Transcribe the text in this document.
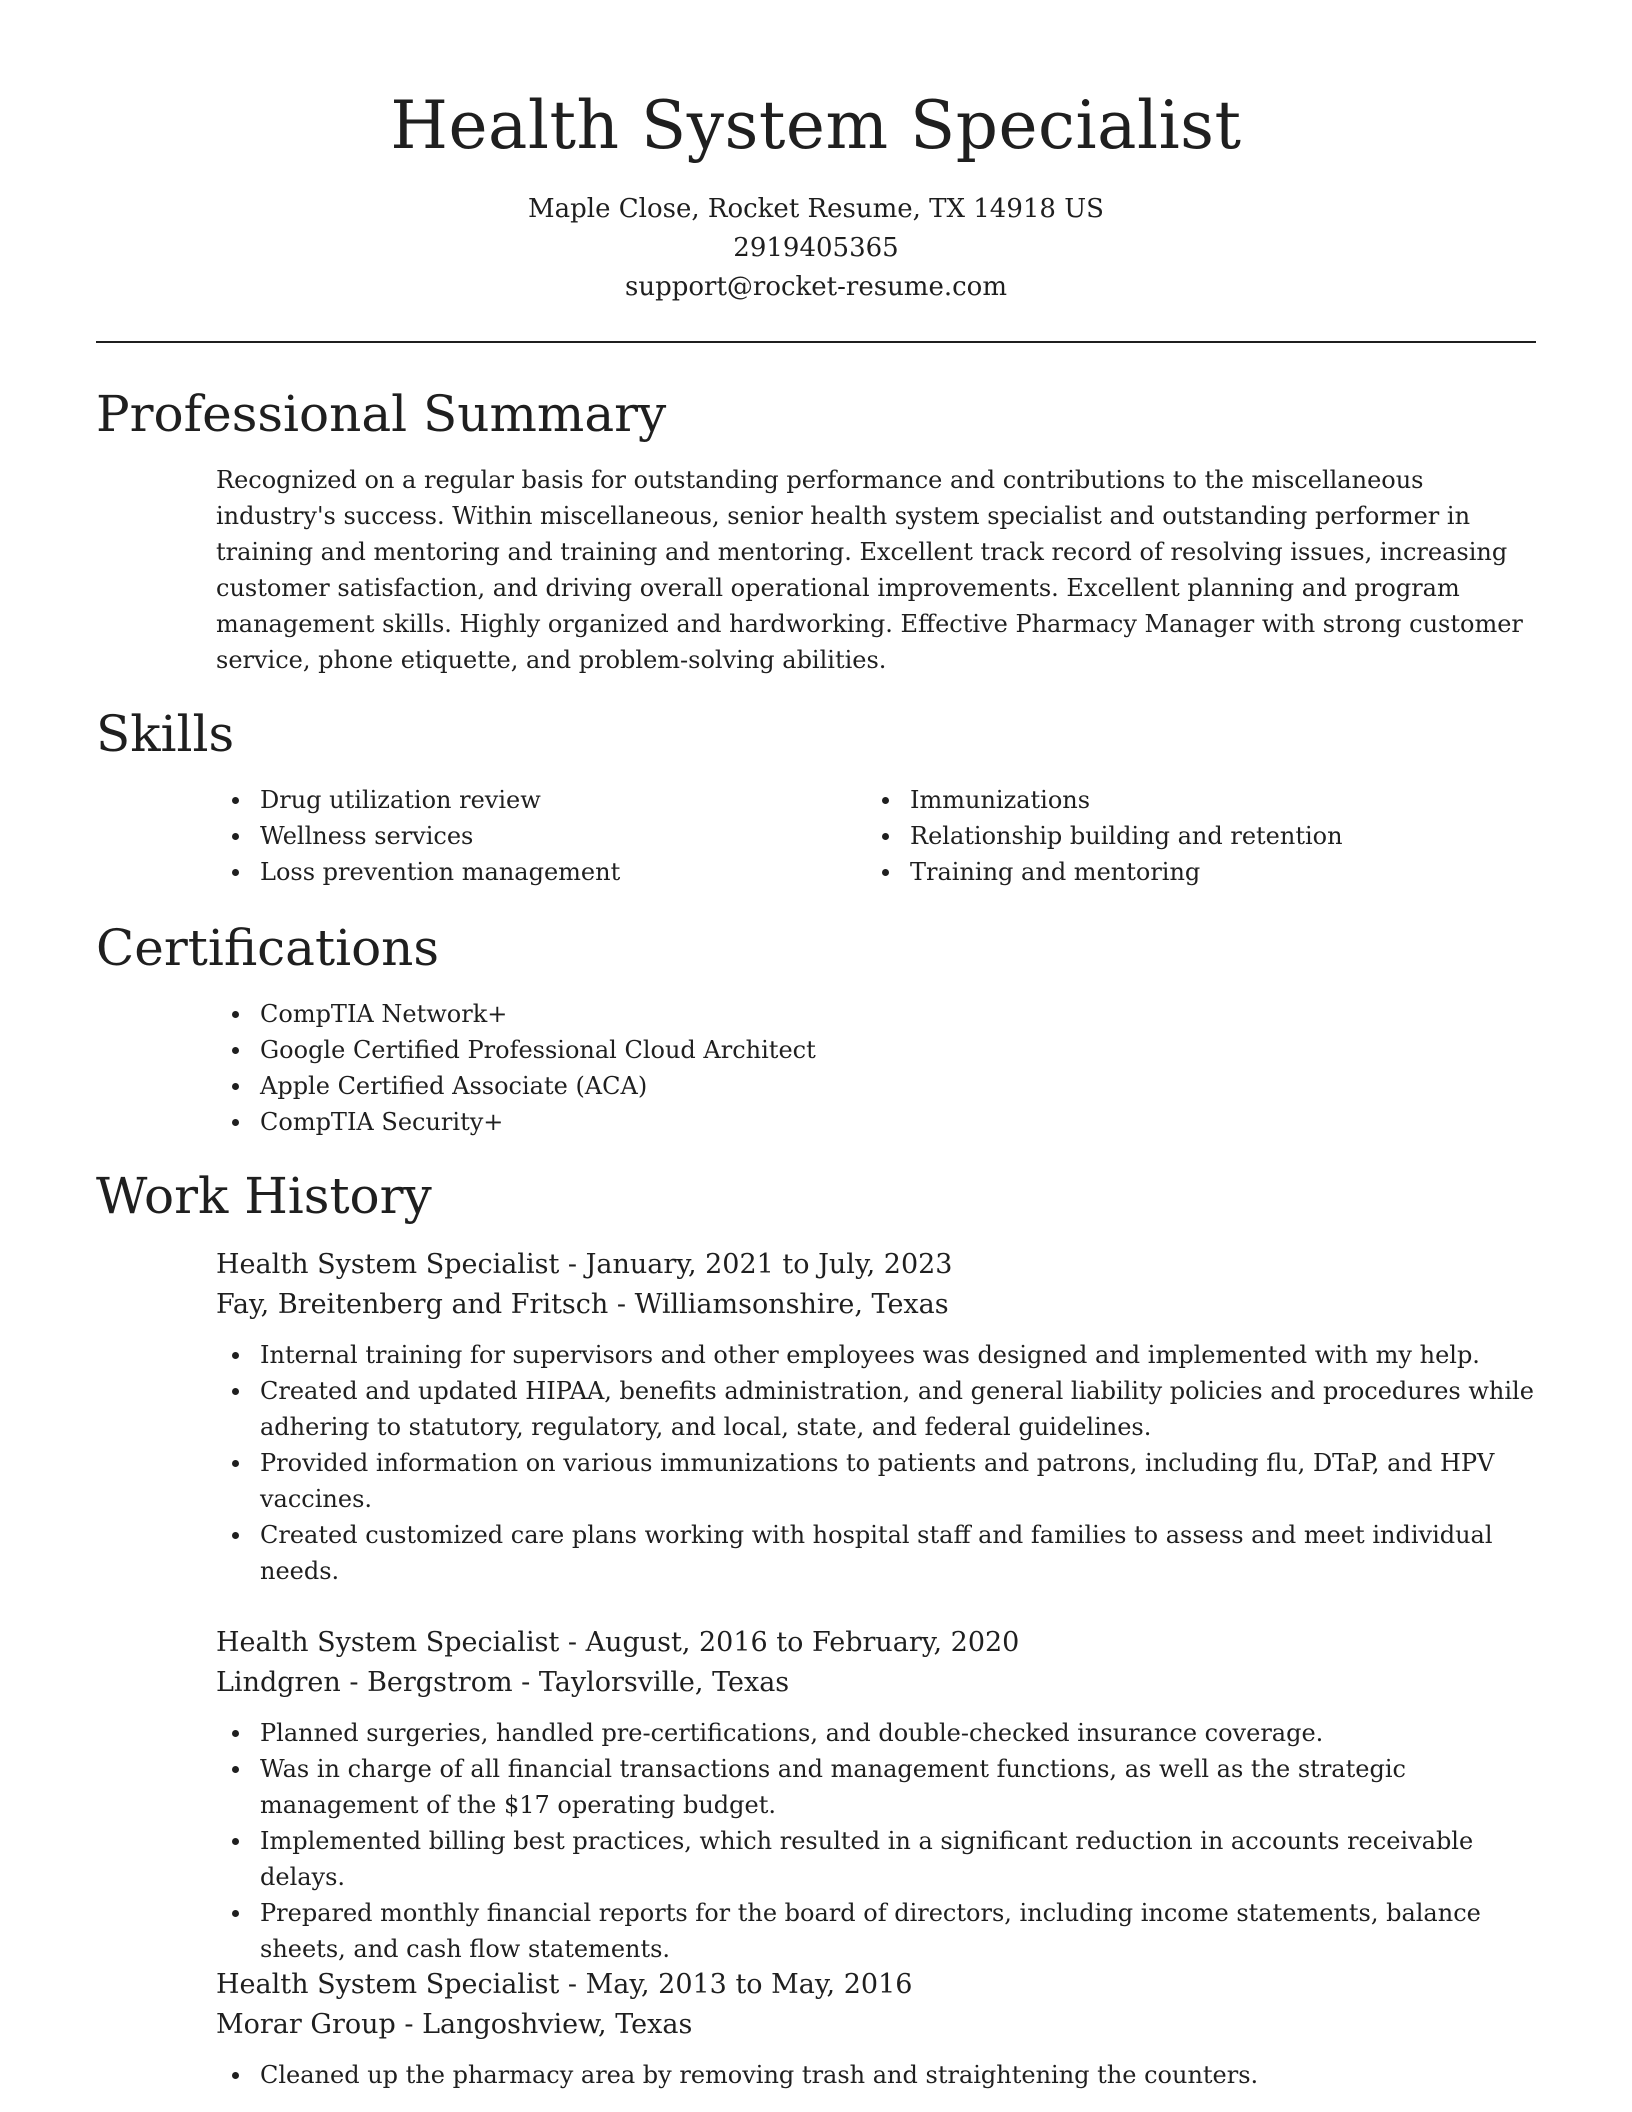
Health System Specialist
Maple Close, Rocket Resume, TX 14918 US
2919405365
support@rocket-resume.com
Professional Summary

Recognized on a regular basis for outstanding performance and contributions to the miscellaneous industry's success. Within miscellaneous, senior health system specialist and outstanding performer in training and mentoring and training and mentoring. Excellent track record of resolving issues, increasing customer satisfaction, and driving overall operational improvements. Excellent planning and program management skills. Highly organized and hardworking. Effective Pharmacy Manager with strong customer service, phone etiquette, and problem-solving abilities.

Skills
Drug utilization review	Immunizations
Wellness services	Relationship building and retention
Loss prevention management	Training and mentoring
Certifications
CompTIA Network+
Google Certified Professional Cloud Architect
Apple Certified Associate (ACA)
CompTIA Security+
Work History
Health System Specialist - January, 2021 to July, 2023
Fay, Breitenberg and Fritsch - Williamsonshire, Texas
Internal training for supervisors and other employees was designed and implemented with my help.
Created and updated HIPAA, benefits administration, and general liability policies and procedures while adhering to statutory, regulatory, and local, state, and federal guidelines.
Provided information on various immunizations to patients and patrons, including flu, DTaP, and HPV vaccines.
Created customized care plans working with hospital staff and families to assess and meet individual needs.
Health System Specialist - August, 2016 to February, 2020
Lindgren - Bergstrom - Taylorsville, Texas
Planned surgeries, handled pre-certifications, and double-checked insurance coverage.
Was in charge of all financial transactions and management functions, as well as the strategic management of the $17 operating budget.
Implemented billing best practices, which resulted in a significant reduction in accounts receivable delays.
Prepared monthly financial reports for the board of directors, including income statements, balance sheets, and cash flow statements.
Health System Specialist - May, 2013 to May, 2016
Morar Group - Langoshview, Texas
Cleaned up the pharmacy area by removing trash and straightening the counters.
